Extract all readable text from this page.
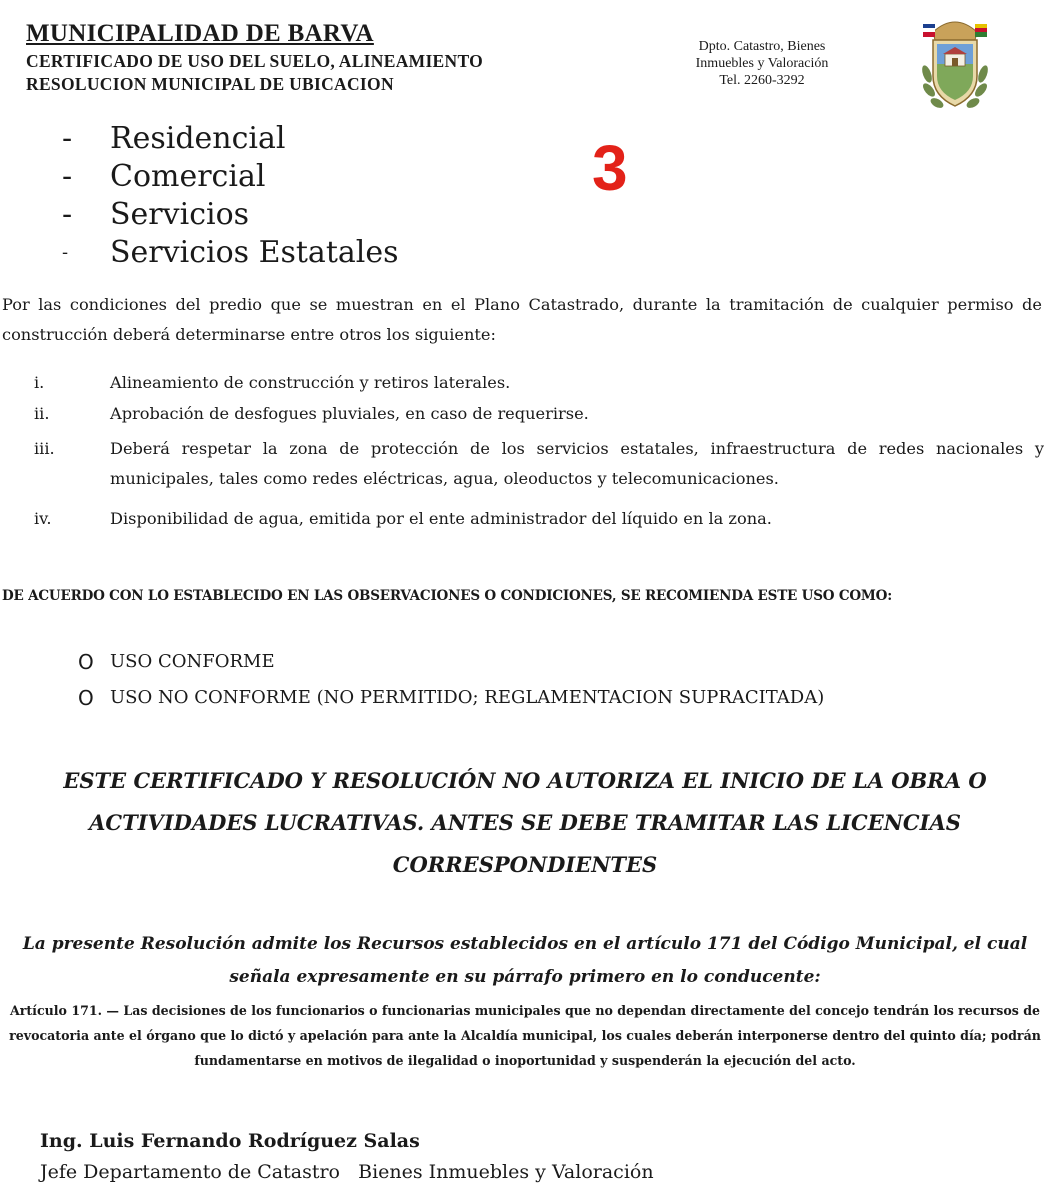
MUNICIPALIDAD DE BARVA
CERTIFICADO DE USO DEL SUELO, ALINEAMIENTO
RESOLUCION MUNICIPAL DE UBICACION
Dpto. Catastro, Bienes
Inmuebles y Valoración
Tel. 2260-3292
-	Residencial
-	Comercial
-	Servicios
-	Servicios Estatales
3
Por las condiciones del predio que se muestran en el Plano Catastrado, durante la tramitación de cualquier permiso de construcción deberá determinarse entre otros los siguiente:
i.	Alineamiento de construcción y retiros laterales.
ii.	Aprobación de desfogues pluviales, en caso de requerirse.
iii.	Deberá respetar la zona de protección de los servicios estatales, infraestructura de redes nacionales y municipales, tales como redes eléctricas, agua, oleoductos y telecomunicaciones.
iv.	Disponibilidad de agua, emitida por el ente administrador del líquido en la zona.
DE ACUERDO CON LO ESTABLECIDO EN LAS OBSERVACIONES O CONDICIONES, SE RECOMIENDA ESTE USO COMO:
O USO CONFORME
O USO NO CONFORME (NO PERMITIDO; REGLAMENTACION SUPRACITADA)
ESTE CERTIFICADO Y RESOLUCIÓN NO AUTORIZA EL INICIO DE LA OBRA O ACTIVIDADES LUCRATIVAS. ANTES SE DEBE TRAMITAR LAS LICENCIAS CORRESPONDIENTES
La presente Resolución admite los Recursos establecidos en el artículo 171 del Código Municipal, el cual señala expresamente en su párrafo primero en lo conducente:
Artículo 171. — Las decisiones de los funcionarios o funcionarias municipales que no dependan directamente del concejo tendrán los recursos de revocatoria ante el órgano que lo dictó y apelación para ante la Alcaldía municipal, los cuales deberán interponerse dentro del quinto día; podrán fundamentarse en motivos de ilegalidad o inoportunidad y suspenderán la ejecución del acto.
Ing. Luis Fernando Rodríguez Salas
Jefe Departamento de Catastro   Bienes Inmuebles y Valoración
